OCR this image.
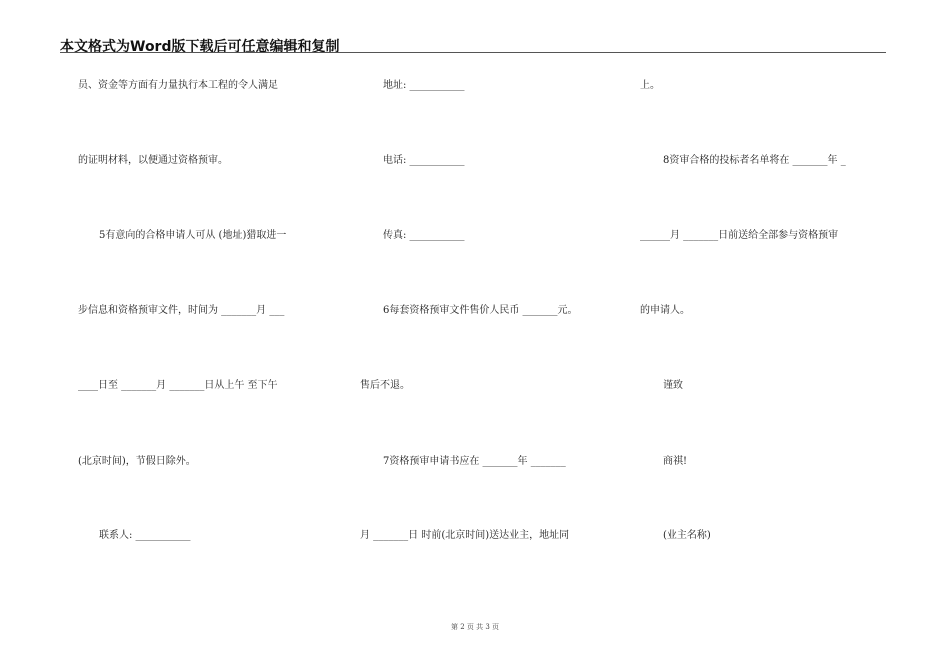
本文格式为Word版下载后可任意编辑和复制
员、资金等方面有力量执行本工程的令人满足
的证明材料，以便通过资格预审。
5有意向的合格申请人可从 (地址)猎取进一
步信息和资格预审文件，时间为 _______月 ___
____日至 _______月 _______日从上午 至下午
(北京时间)，节假日除外。
联系人: ___________
地址: ___________
电话: ___________
传真: ___________
6每套资格预审文件售价人民币 _______元。
售后不退。
7资格预审申请书应在 _______年 _______
月 _______日 时前(北京时间)送达业主，地址同
上。
8资审合格的投标者名单将在 _______年 _
______月 _______日前送给全部参与资格预审
的申请人。
谨致
商祺!
(业主名称)
第 2 页 共 3 页
